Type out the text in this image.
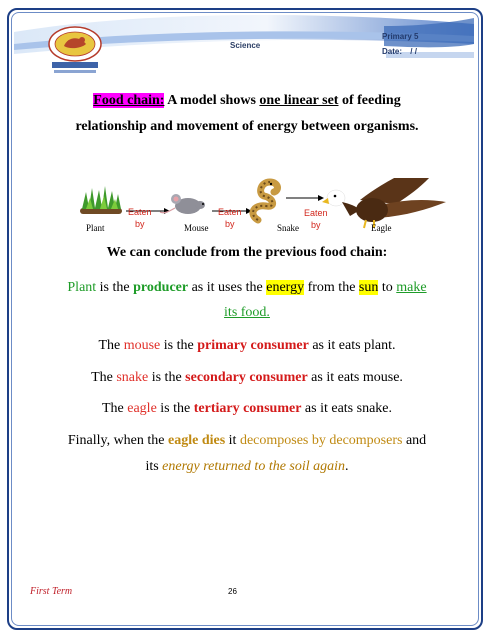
Science
Primary 5
Date: / /
Food chain: A model shows one linear set of feeding
relationship and movement of energy between organisms.
Plant	Mouse	Snake	Eagle
Eaten
by
Eaten
by
Eaten
by
We can conclude from the previous food chain:
Plant is the producer as it uses the energy from the sun to make
its food.
The mouse is the primary consumer as it eats plant.
The snake is the secondary consumer as it eats mouse.
The eagle is the tertiary consumer as it eats snake.
Finally, when the eagle dies it decomposes by decomposers and
its energy returned to the soil again.
First Term	26
